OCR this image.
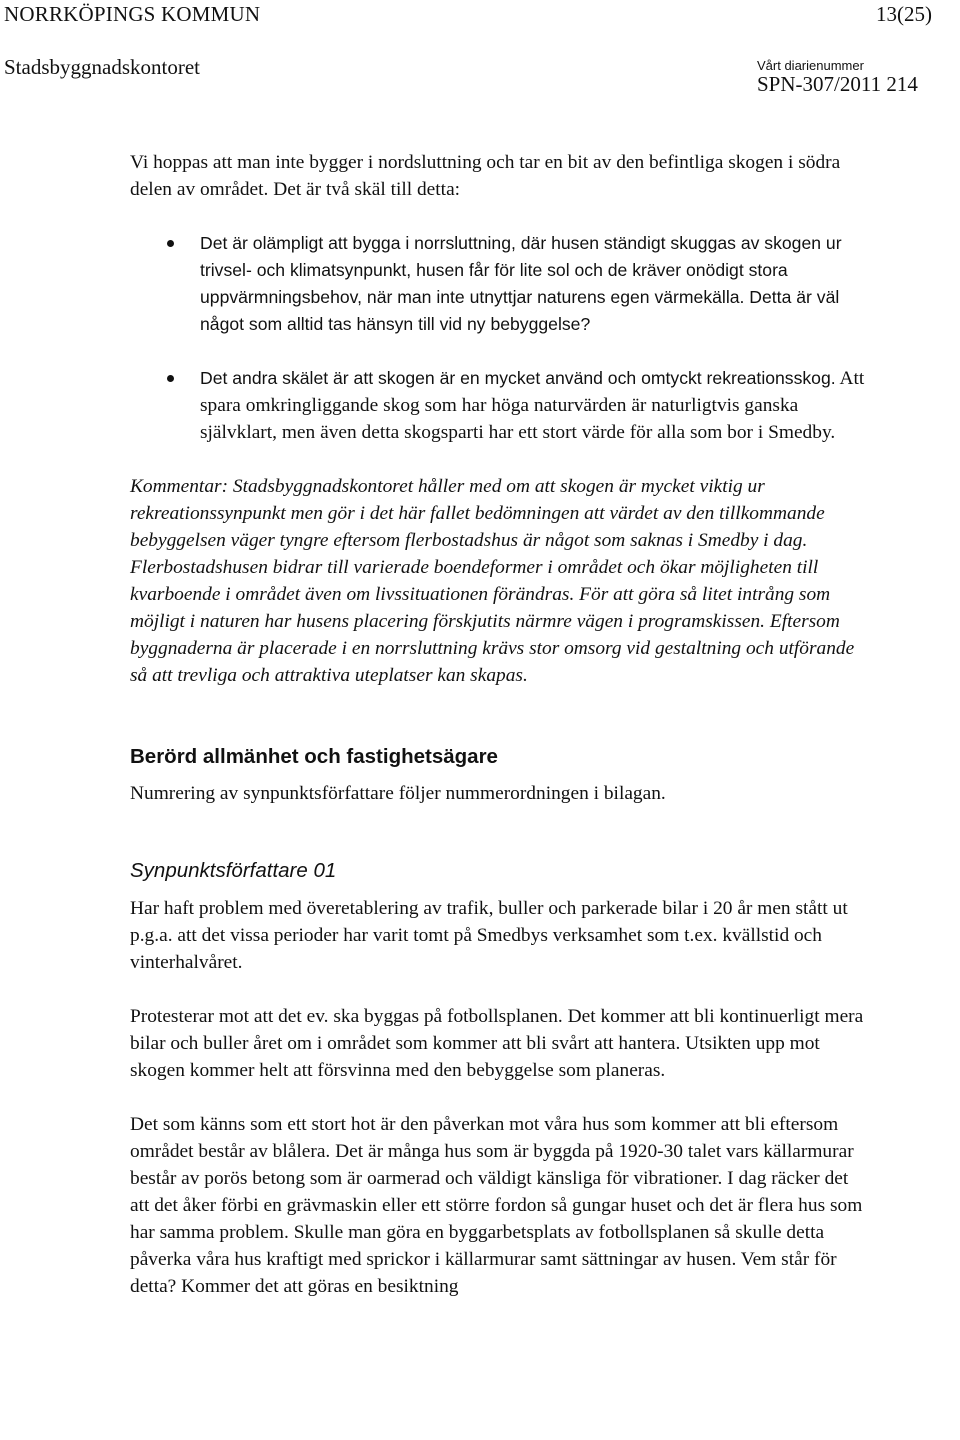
NORRKÖPINGS KOMMUN	13(25)
Stadsbyggnadskontoret	Vårt diarienummer
SPN-307/2011 214

Vi hoppas att man inte bygger i nordsluttning och tar en bit av den befintliga skogen i södra delen av området. Det är två skäl till detta:

Det är olämpligt att bygga i norrsluttning, där husen ständigt skuggas av skogen ur trivsel- och klimatsynpunkt, husen får för lite sol och de kräver onödigt stora uppvärmningsbehov, när man inte utnyttjar naturens egen värmekälla. Detta är väl något som alltid tas hänsyn till vid ny bebyggelse?

Det andra skälet är att skogen är en mycket använd och omtyckt rekreationsskog. Att spara omkringliggande skog som har höga naturvärden är naturligtvis ganska självklart, men även detta skogsparti har ett stort värde för alla som bor i Smedby.

Kommentar: Stadsbyggnadskontoret håller med om att skogen är mycket viktig ur rekreationssynpunkt men gör i det här fallet bedömningen att värdet av den tillkommande bebyggelsen väger tyngre eftersom flerbostadshus är något som saknas i Smedby i dag. Flerbostadshusen bidrar till varierade boendeformer i området och ökar möjligheten till kvarboende i området även om livssituationen förändras. För att göra så litet intrång som möjligt i naturen har husens placering förskjutits närmre vägen i programskissen. Eftersom byggnaderna är placerade i en norrsluttning krävs stor omsorg vid gestaltning och utförande så att trevliga och attraktiva uteplatser kan skapas.

Berörd allmänhet och fastighetsägare

Numrering av synpunktsförfattare följer nummerordningen i bilagan.

Synpunktsförfattare 01

Har haft problem med överetablering av trafik, buller och parkerade bilar i 20 år men stått ut p.g.a. att det vissa perioder har varit tomt på Smedbys verksamhet som t.ex. kvällstid och vinterhalvåret.

Protesterar mot att det ev. ska byggas på fotbollsplanen. Det kommer att bli kontinuerligt mera bilar och buller året om i området som kommer att bli svårt att hantera. Utsikten upp mot skogen kommer helt att försvinna med den bebyggelse som planeras.

Det som känns som ett stort hot är den påverkan mot våra hus som kommer att bli eftersom området består av blålera. Det är många hus som är byggda på 1920-30 talet vars källarmurar består av porös betong som är oarmerad och väldigt känsliga för vibrationer. I dag räcker det att det åker förbi en grävmaskin eller ett större fordon så gungar huset och det är flera hus som har samma problem. Skulle man göra en byggarbetsplats av fotbollsplanen så skulle detta påverka våra hus kraftigt med sprickor i källarmurar samt sättningar av husen. Vem står för detta? Kommer det att göras en besiktning
